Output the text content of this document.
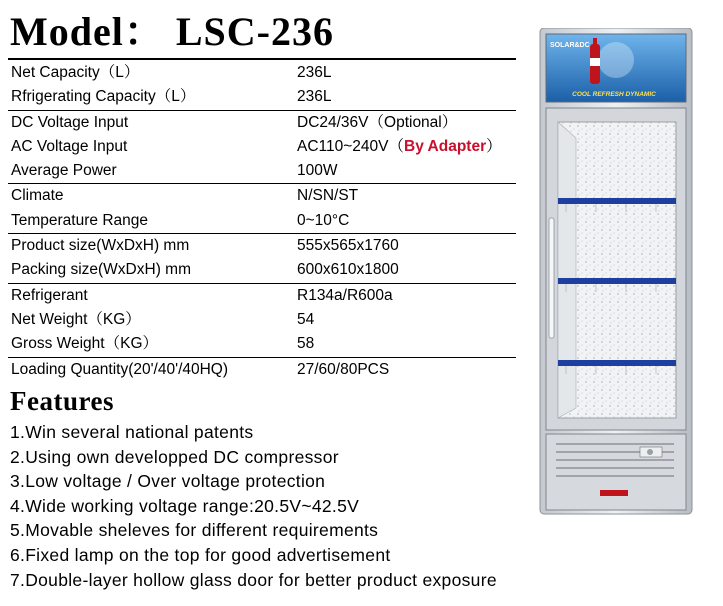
Model： LSC-236
Net Capacity（L）	236L
Rfrigerating Capacity（L）	236L
DC Voltage Input	DC24/36V（Optional）
AC Voltage Input	AC110~240V（By Adapter）
Average Power	100W
Climate	N/SN/ST
Temperature Range	0~10°C
Product size(WxDxH) mm	555x565x1760
Packing size(WxDxH) mm	600x610x1800
Refrigerant	R134a/R600a
Net Weight（KG）	54
Gross Weight（KG）	58
Loading Quantity(20'/40'/40HQ)	27/60/80PCS
Features
1.Win several national patents
2.Using own developped DC compressor
3.Low voltage / Over voltage protection
4.Wide working voltage range:20.5V~42.5V
5.Movable sheleves for different requirements
6.Fixed lamp on the top for good advertisement
7.Double-layer hollow glass door for better product exposure
SOLAR&DC
COOL REFRESH DYNAMIC
